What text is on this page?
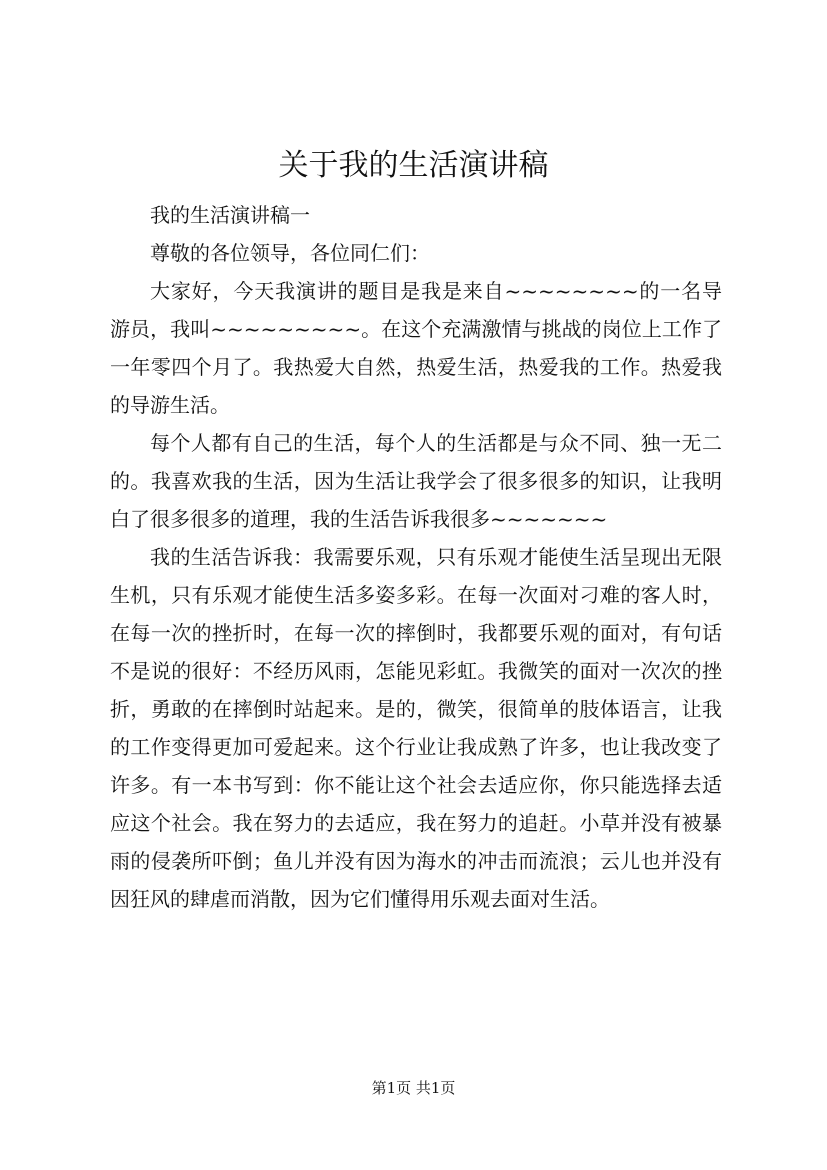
关于我的生活演讲稿

我的生活演讲稿一

尊敬的各位领导，各位同仁们：

大家好，今天我演讲的题目是我是来自~~~~~~~~的一名导游员，我叫~~~~~~~~~。在这个充满激情与挑战的岗位上工作了一年零四个月了。我热爱大自然，热爱生活，热爱我的工作。热爱我的导游生活。

每个人都有自己的生活，每个人的生活都是与众不同、独一无二的。我喜欢我的生活，因为生活让我学会了很多很多的知识，让我明白了很多很多的道理，我的生活告诉我很多~~~~~~~

我的生活告诉我：我需要乐观，只有乐观才能使生活呈现出无限生机，只有乐观才能使生活多姿多彩。在每一次面对刁难的客人时，在每一次的挫折时，在每一次的摔倒时，我都要乐观的面对，有句话不是说的很好：不经历风雨，怎能见彩虹。我微笑的面对一次次的挫折，勇敢的在摔倒时站起来。是的，微笑，很简单的肢体语言，让我的工作变得更加可爱起来。这个行业让我成熟了许多，也让我改变了许多。有一本书写到：你不能让这个社会去适应你，你只能选择去适应这个社会。我在努力的去适应，我在努力的追赶。小草并没有被暴雨的侵袭所吓倒；鱼儿并没有因为海水的冲击而流浪；云儿也并没有因狂风的肆虐而消散，因为它们懂得用乐观去面对生活。

第1页 共1页
